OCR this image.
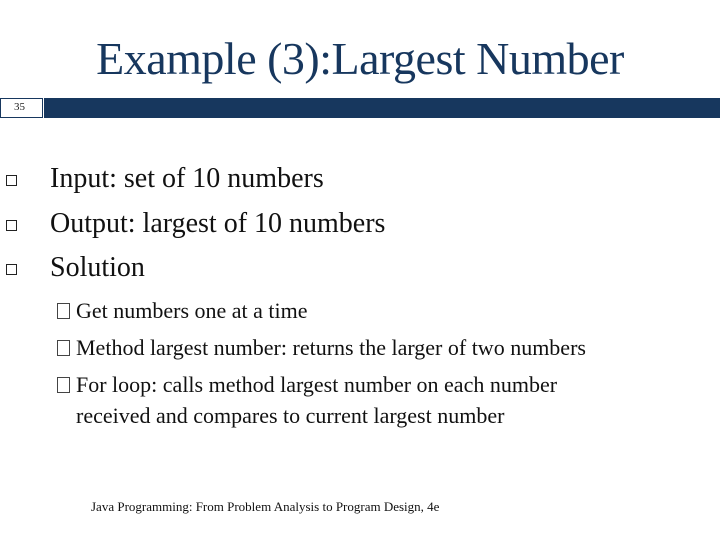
Example (3):Largest Number
35
Input: set of 10 numbers
Output: largest of 10 numbers
Solution
Get numbers one at a time
Method largest number: returns the larger of two numbers
For loop: calls method largest number on each number
received and compares to current largest number
Java Programming: From Problem Analysis to Program Design, 4e
